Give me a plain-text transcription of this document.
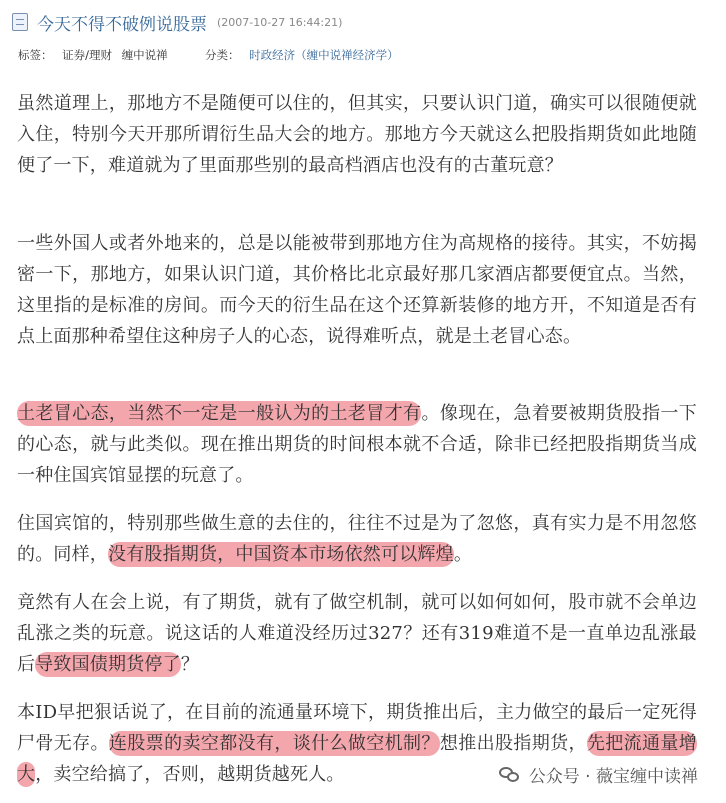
今天不得不破例说股票 (2007-10-27 16:44:21)
标签： 证券/理财 缠中说禅	分类： 时政经济（缠中说禅经济学）

虽然道理上，那地方不是随便可以住的，但其实，只要认识门道，确实可以很随便就入住，特别今天开那所谓衍生品大会的地方。那地方今天就这么把股指期货如此地随便了一下，难道就为了里面那些别的最高档酒店也没有的古董玩意？

一些外国人或者外地来的，总是以能被带到那地方住为高规格的接待。其实，不妨揭密一下，那地方，如果认识门道，其价格比北京最好那几家酒店都要便宜点。当然，这里指的是标准的房间。而今天的衍生品在这个还算新装修的地方开，不知道是否有点上面那种希望住这种房子人的心态，说得难听点，就是土老冒心态。

土老冒心态，当然不一定是一般认为的土老冒才有。像现在，急着要被期货股指一下的心态，就与此类似。现在推出期货的时间根本就不合适，除非已经把股指期货当成一种住国宾馆显摆的玩意了。

住国宾馆的，特别那些做生意的去住的，往往不过是为了忽悠，真有实力是不用忽悠的。同样，没有股指期货，中国资本市场依然可以辉煌。

竟然有人在会上说，有了期货，就有了做空机制，就可以如何如何，股市就不会单边乱涨之类的玩意。说这话的人难道没经历过327？还有319难道不是一直单边乱涨最后导致国债期货停了？

本ID早把狠话说了，在目前的流通量环境下，期货推出后，主力做空的最后一定死得尸骨无存。连股票的卖空都没有，谈什么做空机制？想推出股指期货，先把流通量增大，卖空给搞了，否则，越期货越死人。	公众号 · 薇宝缠中读禅
